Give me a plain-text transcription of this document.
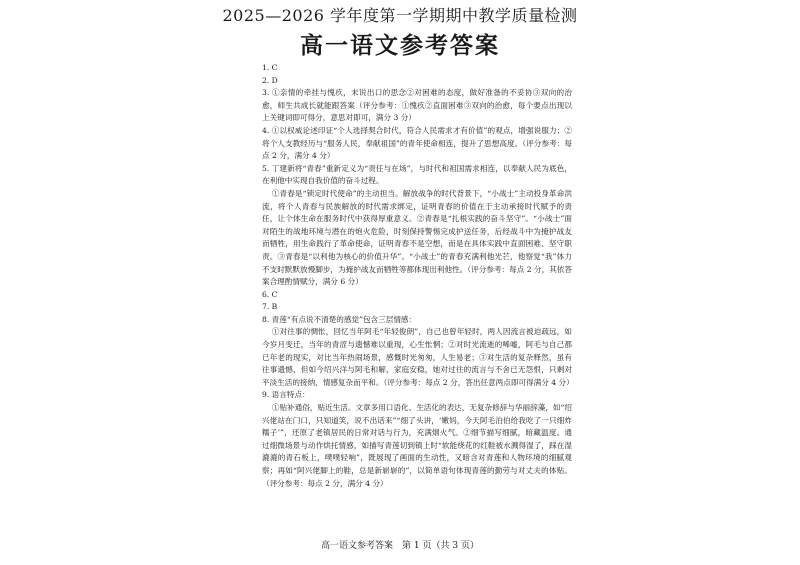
2025—2026 学年度第一学期期中教学质量检测

高一语文参考答案

1. C

2. D

3. ①亲情的牵挂与愧疚，未说出口的思念②对困难的态度，做好准备的不妥协③双向的治愈，师生共成长就能跟答案（评分参考：①愧疚②直面困难③双向的治愈，每个要点出现以上关键词即可得分，意思对即可，满分 3 分）

4. ①以权威论述印证“个人选择契合时代，符合人民需求才有价值”的观点，增强说服力；②将个人支教经历与“服务人民，奉献祖国”的青年使命相连，提升了思想高度。（评分参考：每点 2 分，满分 4 分）

5. 丁建新将“青春”重新定义为“责任与在场”，与时代和祖国需求相连，以奉献人民为底色，在利他中实现自我价值的奋斗过程。

①青春是“锁定时代使命”的主动担当。解放战争的时代背景下，“小战士”主动投身革命洪流，将个人青春与民族解放的时代需求绑定，证明青春的价值在于主动承接时代赋予的责任，让个体生命在服务时代中获得厚重意义。②青春是“扎根实践的奋斗坚守”。“小战士”面对陌生的战地环境与潜在的炮火危险，时刻保持警惕完成护送任务，后经战斗中为掩护战友而牺牲，用生命践行了革命使命，证明青春不是空想，而是在具体实践中直面困难、坚守职责。③青春是“以利他为核心的价值升华”。“小战士”的青春充满利他光芒，他察觉“我”体力不支时默默放慢脚步，为掩护战友而牺牲等都体现出利他性。（评分参考：每点 2 分，其依答案合理酌情赋分，满分 6 分）

6. C

7. B

8. 青莲“有点说不清楚的感觉”包含三层情感：

①对往事的惆怅，回忆当年阿毛“年轻俊朗”，自己也曾年轻时，两人因流言被迫疏远，如今岁月变迁，当年的青涩与遗憾难以重现，心生怅惘；②对时光流逝的唏嘘，阿毛与自己都已年老的现实，对比当年热闹场景，感慨时光匆匆，人生易老；③对生活的复杂释然，虽有往事遗憾，但如今绍兴洋与阿毛和解，家庭安稳，她对过往的流言与不舍已无怨恨，只剩对平淡生活的接纳，情感复杂而平和。（评分参考：每点 2 分，答出任意两点即可得满分 4 分）

9. 语言特点：

①贴补通俗，贴近生活。文章多用口语化、生活化的表达，无复杂修辞与华丽辞藻，如“绍兴佬站在门口，只知道笑，说不出话来”“细了头讲，‘嫩妈，今天阿毛泊伯给我吃了一只细炸糯子’”，还原了老镇居民的日常对话与行为，充满烟火气。②细节描写细腻，暗藏温度。通过细微场景与动作烘托情感，如描写青莲切到镇上时“软能绕花的红鞋被水溅得湿了，踩在湿漉漉的青石板上，噗噗轻响”，既展现了画面的生动性，又暗含对青莲和人物环境的细腻观察；再如“阿兴佬脚上的鞋，总是新崭崭的”，以简单语句体现青莲的勤劳与对丈夫的体贴。（评分参考：每点 2 分，满分 4 分）

高一语文参考答案　第 1 页（共 3 页）
